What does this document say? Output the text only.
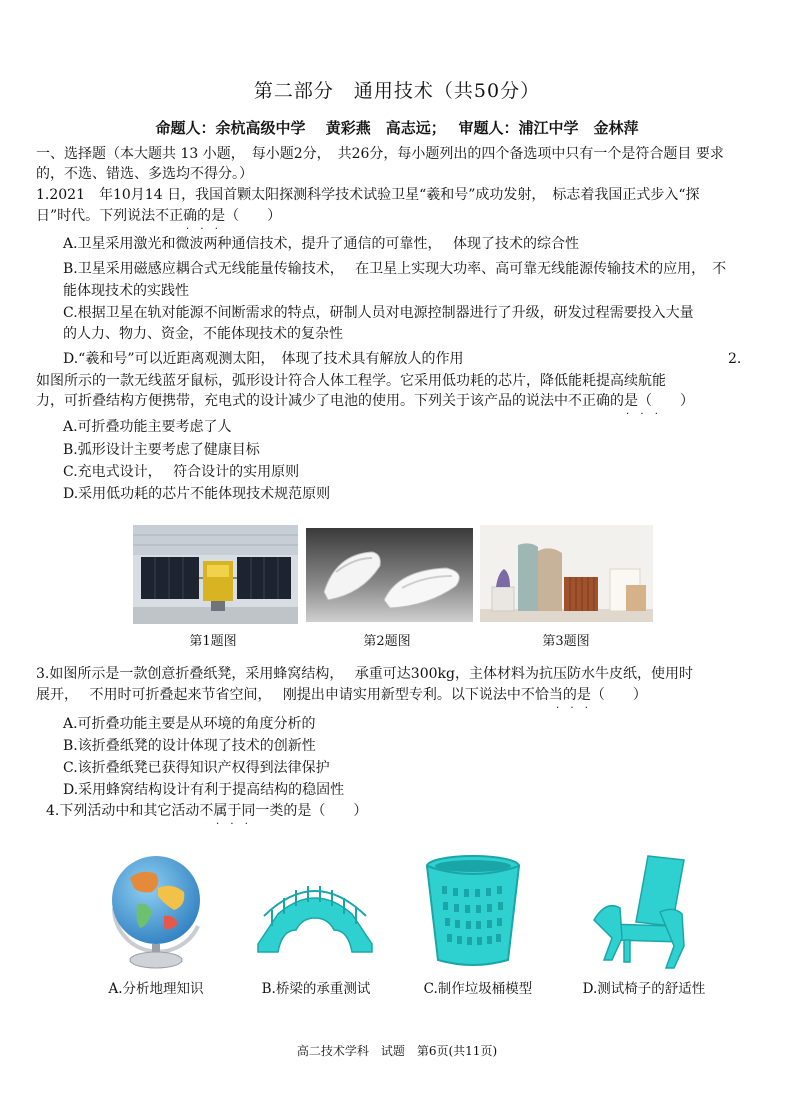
第二部分　通用技术（共50分）
命题人：余杭高级中学　 黄彩燕　高志远；　 审题人：浦江中学　金林萍
一、选择题（本大题共 13 小题，　每小题2分，　共26分，每小题列出的四个备选项中只有一个是符合题目 要求
的，不选、错选、多选均不得分。）
1.2021　年10月14 日，我国首颗太阳探测科学技术试验卫星“羲和号”成功发射，　标志着我国正式步入“探
日”时代。下列说法不正确的是（　　）
· · ·
A.卫星采用激光和微波两种通信技术，提升了通信的可靠性，　 体现了技术的综合性
B.卫星采用磁感应耦合式无线能量传输技术，　 在卫星上实现大功率、高可靠无线能源传输技术的应用，　不
能体现技术的实践性
C.根据卫星在轨对能源不间断需求的特点，研制人员对电源控制器进行了升级，研发过程需要投入大量
的人力、物力、资金，不能体现技术的复杂性
D.“羲和号”可以近距离观测太阳，　体现了技术具有解放人的作用	2.
如图所示的一款无线蓝牙鼠标，弧形设计符合人体工程学。它采用低功耗的芯片，降低能耗提高续航能
力，可折叠结构方便携带，充电式的设计减少了电池的使用。下列关于该产品的说法中不正确的是（　　）
· · ·
A.可折叠功能主要考虑了人
B.弧形设计主要考虑了健康目标
C.充电式设计，　 符合设计的实用原则
D.采用低功耗的芯片不能体现技术规范原则
第1题图	第2题图	第3题图
3.如图所示是一款创意折叠纸凳，采用蜂窝结构，　 承重可达300kg，主体材料为抗压防水牛皮纸，使用时
展开，　 不用时可折叠起来节省空间，　 刚提出申请实用新型专利。以下说法中不恰当的是（　　）
· · ·
A.可折叠功能主要是从环境的角度分析的
B.该折叠纸凳的设计体现了技术的创新性
C.该折叠纸凳已获得知识产权得到法律保护
D.采用蜂窝结构设计有利于提高结构的稳固性
4.下列活动中和其它活动不属于同一类的是（　　）
· · ·
A.分析地理知识	B.桥梁的承重测试	C.制作垃圾桶模型	D.测试椅子的舒适性
高二技术学科　试题　第6页(共11页)
